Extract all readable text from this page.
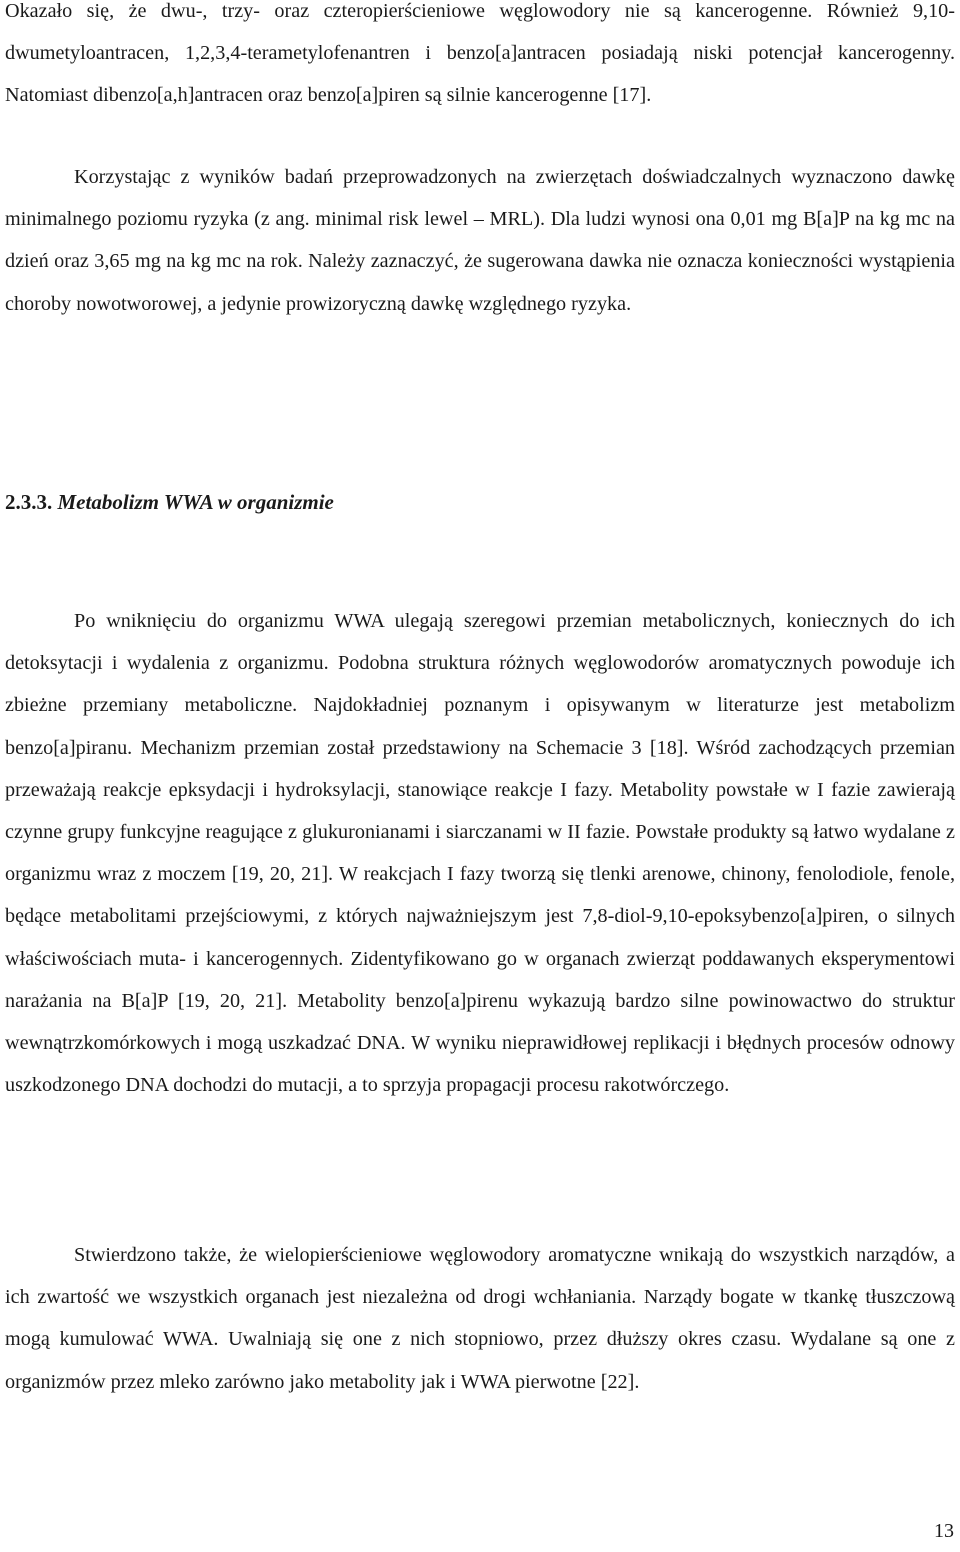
Okazało się, że dwu-, trzy- oraz czteropierścieniowe węglowodory nie są kancerogenne. Również 9,10-dwumetyloantracen, 1,2,3,4-terametylofenantren i benzo[a]antracen posiadają niski potencjał kancerogenny. Natomiast dibenzo[a,h]antracen oraz benzo[a]piren są silnie kancerogenne [17].

Korzystając z wyników badań przeprowadzonych na zwierzętach doświadczalnych wyznaczono dawkę minimalnego poziomu ryzyka (z ang. minimal risk lewel – MRL). Dla ludzi wynosi ona 0,01 mg B[a]P na kg mc na dzień oraz 3,65 mg na kg mc na rok. Należy zaznaczyć, że sugerowana dawka nie oznacza konieczności wystąpienia choroby nowotworowej, a jedynie prowizoryczną dawkę względnego ryzyka.

2.3.3. Metabolizm WWA w organizmie

Po wniknięciu do organizmu WWA ulegają szeregowi przemian metabolicznych, koniecznych do ich detoksytacji i wydalenia z organizmu. Podobna struktura różnych węglowodorów aromatycznych powoduje ich zbieżne przemiany metaboliczne. Najdokładniej poznanym i opisywanym w literaturze jest metabolizm benzo[a]piranu. Mechanizm przemian został przedstawiony na Schemacie 3 [18]. Wśród zachodzących przemian przeważają reakcje epksydacji i hydroksylacji, stanowiące reakcje I fazy. Metabolity powstałe w I fazie zawierają czynne grupy funkcyjne reagujące z glukuronianami i siarczanami w II fazie. Powstałe produkty są łatwo wydalane z organizmu wraz z moczem [19, 20, 21]. W reakcjach I fazy tworzą się tlenki arenowe, chinony, fenolodiole, fenole, będące metabolitami przejściowymi, z których najważniejszym jest 7,8-diol-9,10-epoksybenzo[a]piren, o silnych właściwościach muta- i kancerogennych. Zidentyfikowano go w organach zwierząt poddawanych eksperymentowi narażania na B[a]P [19, 20, 21]. Metabolity benzo[a]pirenu wykazują bardzo silne powinowactwo do struktur wewnątrzkomórkowych i mogą uszkadzać DNA. W wyniku nieprawidłowej replikacji i błędnych procesów odnowy uszkodzonego DNA dochodzi do mutacji, a to sprzyja propagacji procesu rakotwórczego.

Stwierdzono także, że wielopierścieniowe węglowodory aromatyczne wnikają do wszystkich narządów, a ich zwartość we wszystkich organach jest niezależna od drogi wchłaniania. Narządy bogate w tkankę tłuszczową mogą kumulować WWA. Uwalniają się one z nich stopniowo, przez dłuższy okres czasu. Wydalane są one z organizmów przez mleko zarówno jako metabolity jak i WWA pierwotne [22].

13
